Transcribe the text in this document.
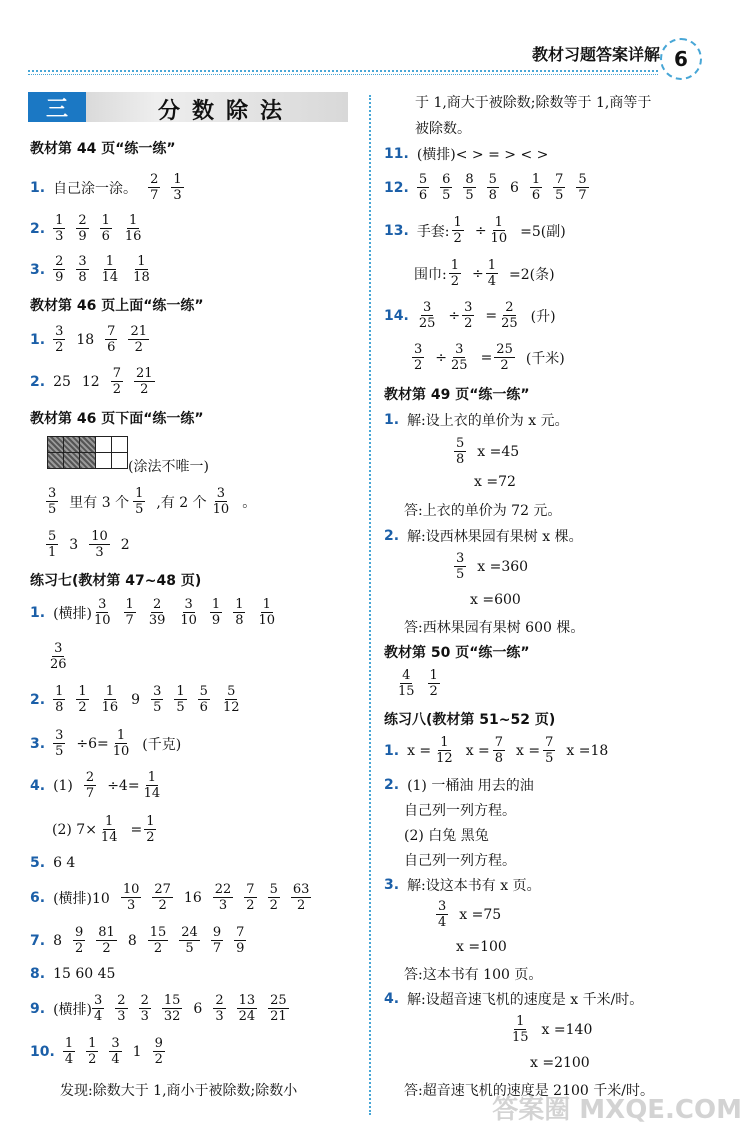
教材习题答案详解 6
三	分数除法
教材第 44 页“练一练”
1. 自己涂一涂。 $\frac{2}{7} \frac{1}{3}$
2. $\frac{1}{3} \frac{2}{9} \frac{1}{6} \frac{1}{16}$
3. $\frac{2}{9} \frac{3}{8} \frac{1}{14} \frac{1}{18}$
教材第 46 页上面“练一练”
1. $\frac{3}{2} 18 \frac{7}{6} \frac{21}{2}$
2. 25 $12 \frac{7}{2} \frac{21}{2}$
教材第 46 页下面“练一练”
(涂法不唯一)
$\frac{3}{5}$ 里有 3 个 $\frac{1}{5}$ ,有 2 个 $\frac{3}{10}$ 。
$\frac{5}{1} 3 \frac{10}{3} 2$
练习七(教材第 47~48 页)
1. (横排) $\frac{3}{10} \frac{1}{7} \frac{2}{39} \frac{3}{10} \frac{1}{9} \frac{1}{8} \frac{1}{10}$
$\frac{3}{26}$
2. $\frac{1}{8} \frac{1}{2} \frac{1}{16} 9 \frac{3}{5} \frac{1}{5} \frac{5}{6} \frac{5}{12}$
3. $\frac{3}{5} \div 6= \frac{1}{10}$ (千克)
4. $(1) \frac{2}{7} \div 4= \frac{1}{14}$
(2) $7\times \frac{1}{14} = \frac{1}{2}$
5. 6 4
6. (横排)$10 \frac{10}{3} \frac{27}{2} 16 \frac{22}{3} \frac{7}{2} \frac{5}{2} \frac{63}{2}$
7. $8 \frac{9}{2} \frac{81}{2} 8 \frac{15}{2} \frac{24}{5} \frac{9}{7} \frac{7}{9}$
8. 15 60 45
9. (横排) $\frac{3}{4} \frac{2}{3} \frac{2}{3} \frac{15}{32} 6 \frac{2}{3} \frac{13}{24} \frac{25}{21}$
10. $\frac{1}{4} \frac{1}{2} \frac{3}{4} 1 \frac{9}{2}$
发现:除数大于 1,商小于被除数;除数小
于 1,商大于被除数;除数等于 1,商等于
被除数。
11. (横排)< > = > < >
12. $\frac{5}{6} \frac{6}{5} \frac{8}{5} \frac{5}{8} 6 \frac{1}{6} \frac{7}{5} \frac{5}{7}$
13. 手套: $\frac{1}{2} \div \frac{1}{10} =5$(副)
围巾: $\frac{1}{2} \div \frac{1}{4} =2$(条)
14. $\frac{3}{25} \div \frac{3}{2} = \frac{2}{25}$ (升)
$\frac{3}{2} \div \frac{3}{25} = \frac{25}{2}$ (千米)
教材第 49 页“练一练”
1. 解:设上衣的单价为 x 元。
$\frac{5}{8}$ x =45
x =72
答:上衣的单价为 72 元。
2. 解:设西林果园有果树 x 棵。
$\frac{3}{5}$ x =360
x =600
答:西林果园有果树 600 棵。
教材第 50 页“练一练”
$\frac{4}{15} \frac{1}{2}$
练习八(教材第 51~52 页)
1. $x = \frac{1}{12}$ $x = \frac{7}{8}$ $x = \frac{7}{5}$ x =18
2. (1) 一桶油 用去的油
自己列一列方程。
(2) 白兔 黑兔
自己列一列方程。
3. 解:设这本书有 x 页。
$\frac{3}{4}$ x =75
x =100
答:这本书有 100 页。
4. 解:设超音速飞机的速度是 x 千米/时。
$\frac{1}{15}$ x =140
x =2100
答:超音速飞机的速度是 2100 千米/时。
答案圈 MXQE.COM
